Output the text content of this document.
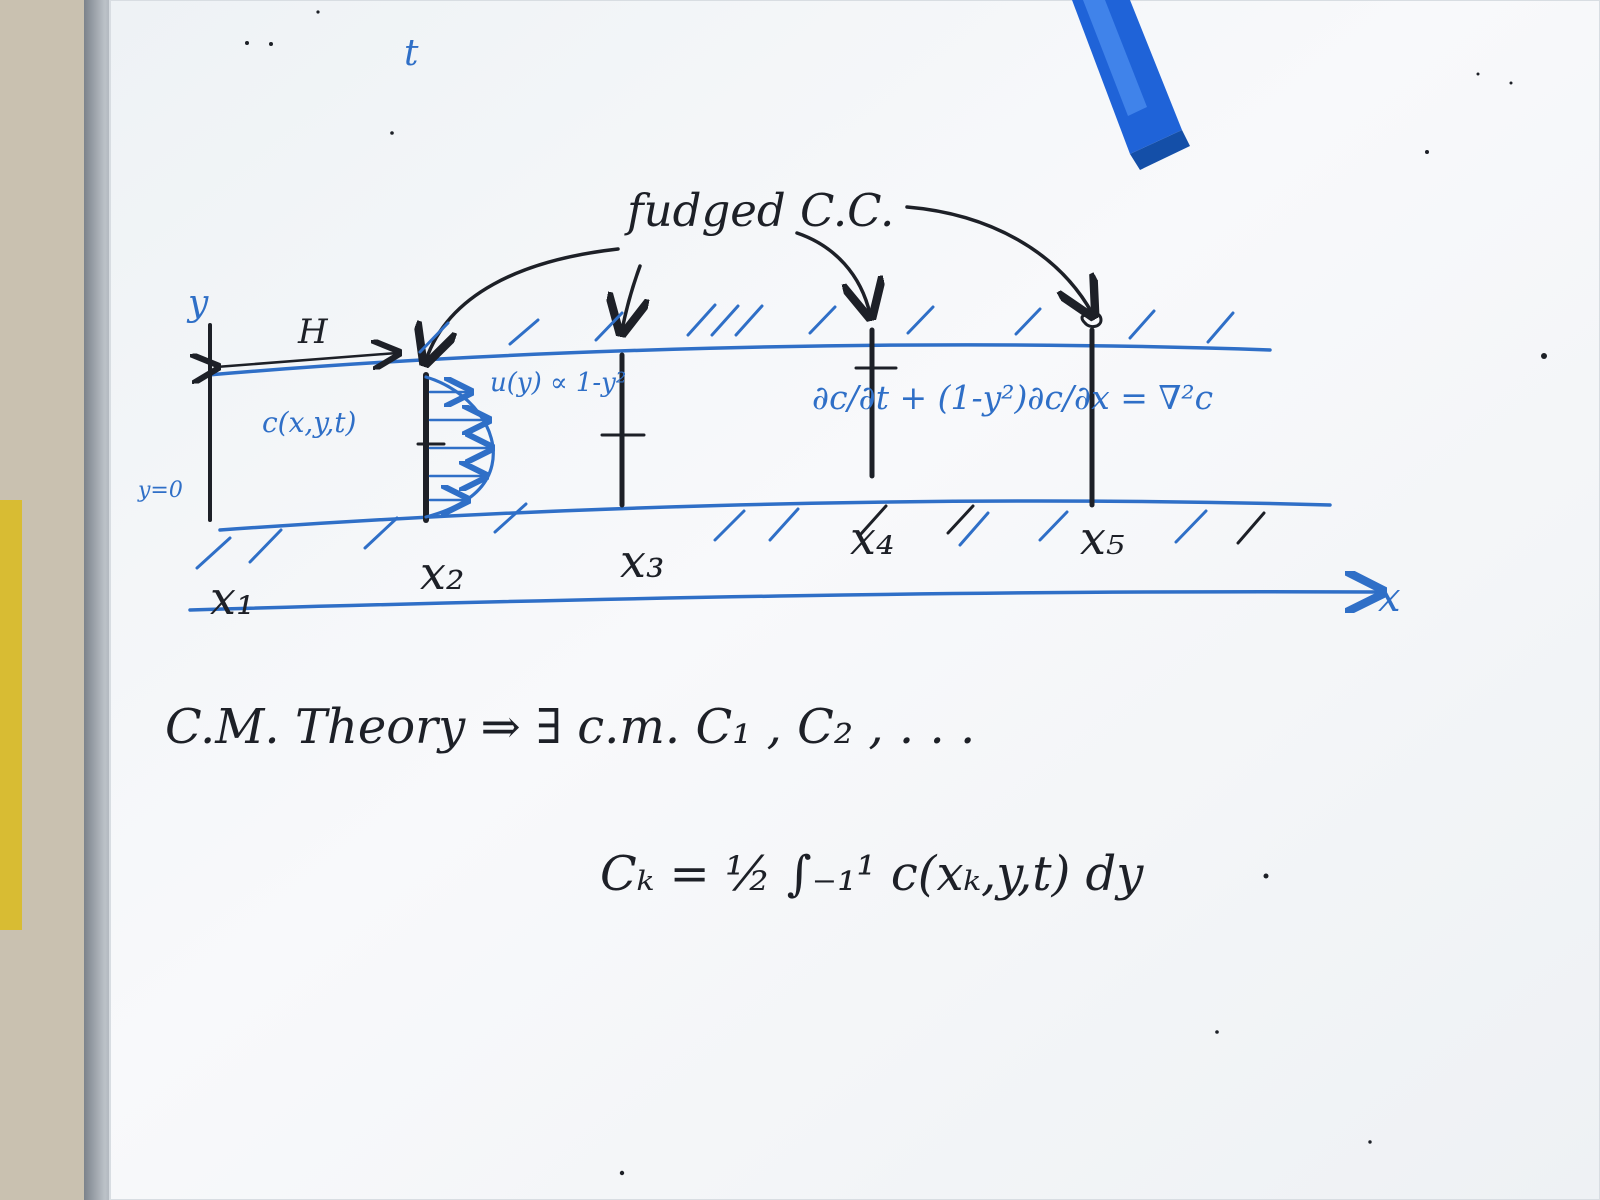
fudged C.C.
t
y
H
y=0
c(x,y,t)
u(y) ∝ 1-y²	∂c/∂t + (1-y²)∂c/∂x = ∇²c
x₁	x₂	x₃	x₄	x₅
x
C.M. Theory ⇒ ∃ c.m. C₁ , C₂ , . . .
Cₖ = ½ ∫₋₁¹ c(xₖ,y,t) dy
